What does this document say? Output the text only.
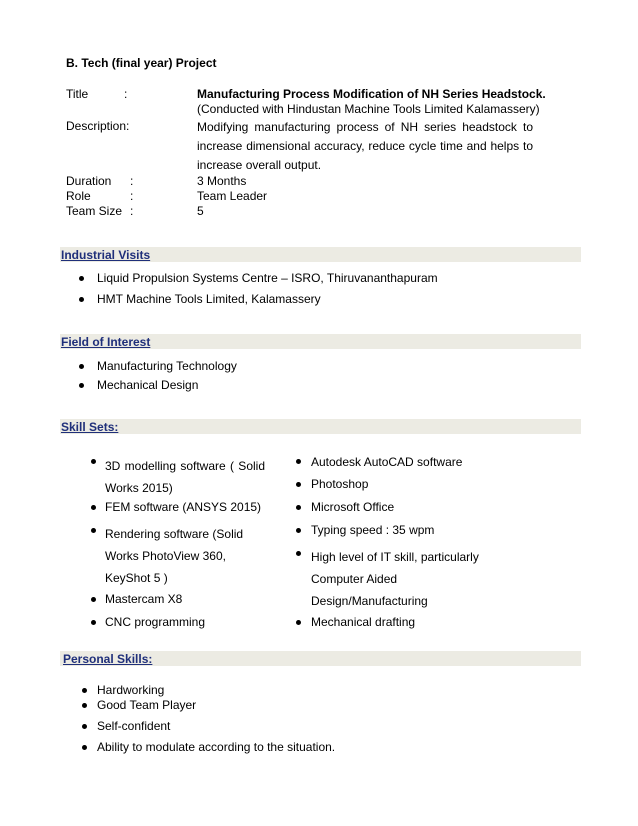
B. Tech (final year) Project
Title	:	Manufacturing Process Modification of NH Series Headstock.
(Conducted with Hindustan Machine Tools Limited Kalamassery)
Description:	Modifying manufacturing process of NH series headstock to increase dimensional accuracy, reduce cycle time and helps to increase overall output.
Duration :	3 Months
Role	:	Team Leader
Team Size :	5
Industrial Visits
Liquid Propulsion Systems Centre – ISRO, Thiruvananthapuram
HMT Machine Tools Limited, Kalamassery
Field of Interest
Manufacturing Technology
Mechanical Design
Skill Sets:
3D modelling software ( Solid Works 2015)
FEM software (ANSYS 2015)
Rendering software (Solid Works PhotoView 360, KeyShot 5 )
Mastercam X8
CNC programming
Autodesk AutoCAD software
Photoshop
Microsoft Office
Typing speed : 35 wpm
High level of IT skill, particularly Computer Aided Design/Manufacturing
Mechanical drafting
Personal Skills:
Hardworking
Good Team Player
Self-confident
Ability to modulate according to the situation.
